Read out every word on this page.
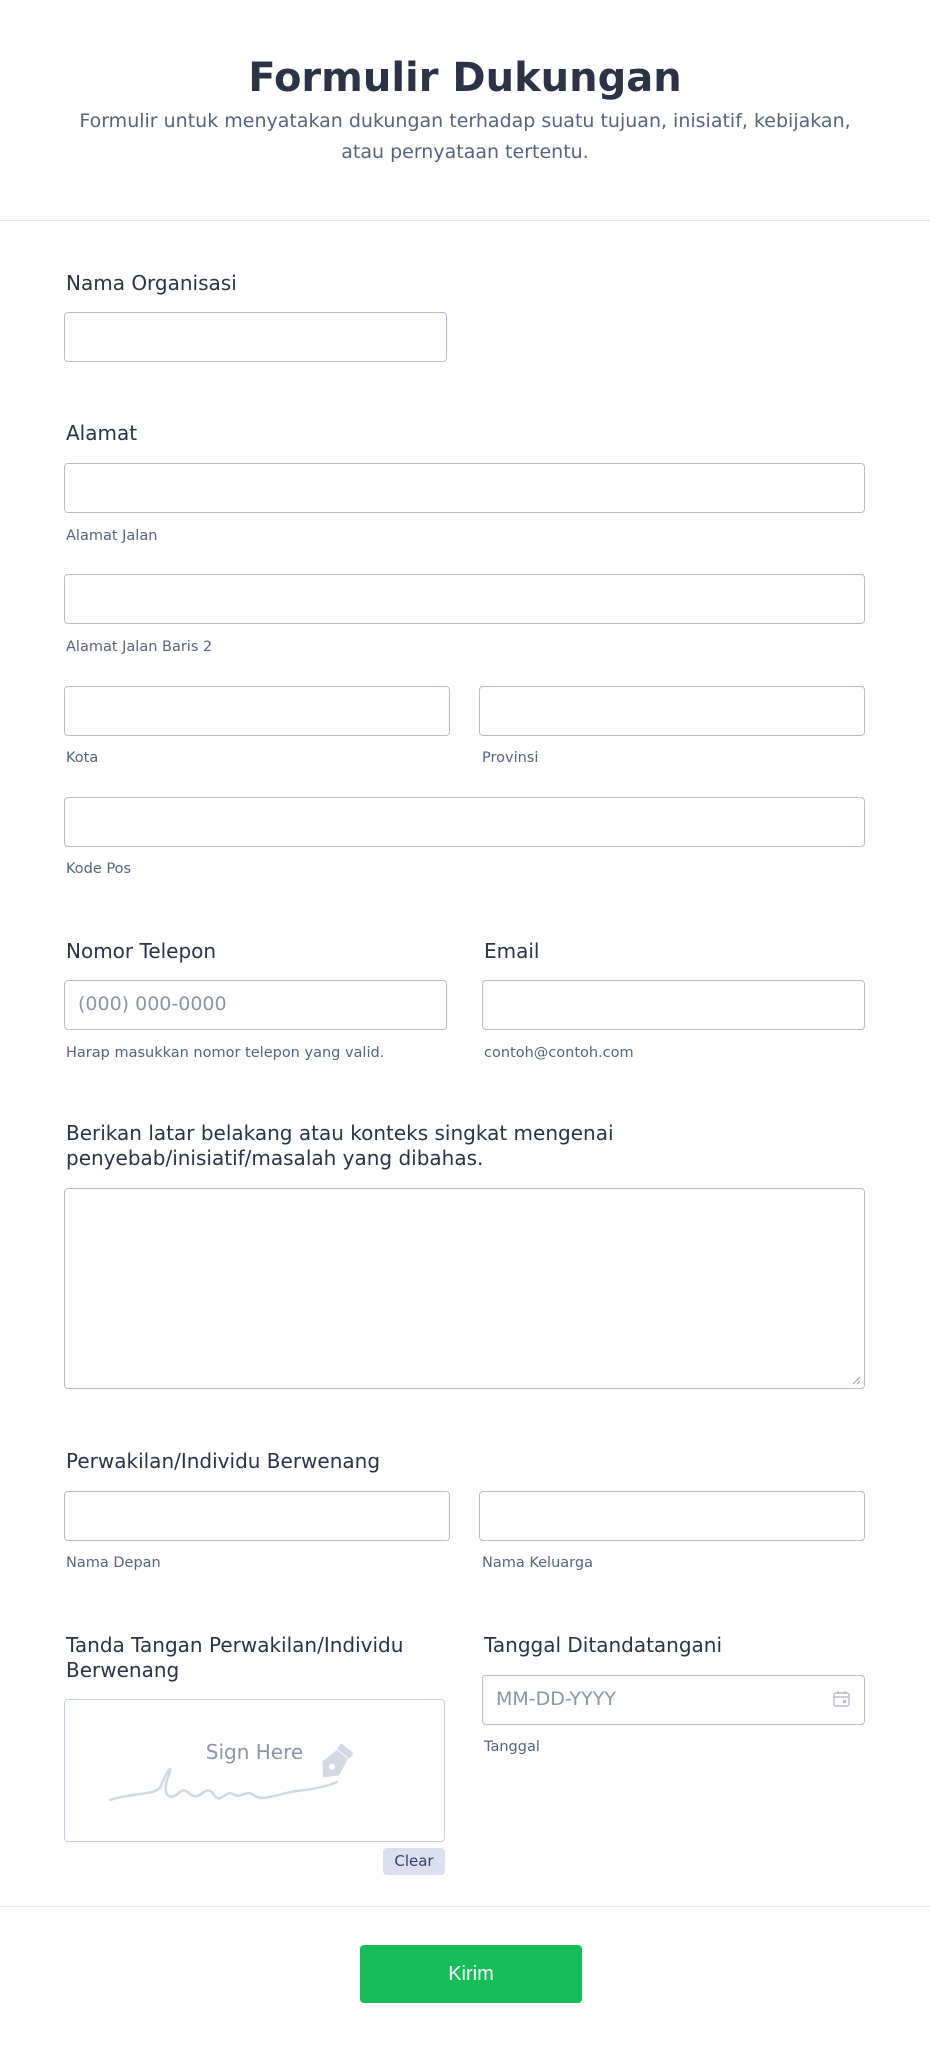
Formulir Dukungan
Formulir untuk menyatakan dukungan terhadap suatu tujuan, inisiatif, kebijakan, atau pernyataan tertentu.
Nama Organisasi
Alamat
Alamat Jalan
Alamat Jalan Baris 2
Kota	Provinsi
Kode Pos
Nomor Telepon
(000) 000-0000
Harap masukkan nomor telepon yang valid.
Email
contoh@contoh.com
Berikan latar belakang atau konteks singkat mengenai penyebab/inisiatif/masalah yang dibahas.
Perwakilan/Individu Berwenang
Nama Depan	Nama Keluarga
Tanda Tangan Perwakilan/Individu Berwenang
Sign Here
Clear
Tanggal Ditandatangani
MM-DD-YYYY
Tanggal
Kirim
